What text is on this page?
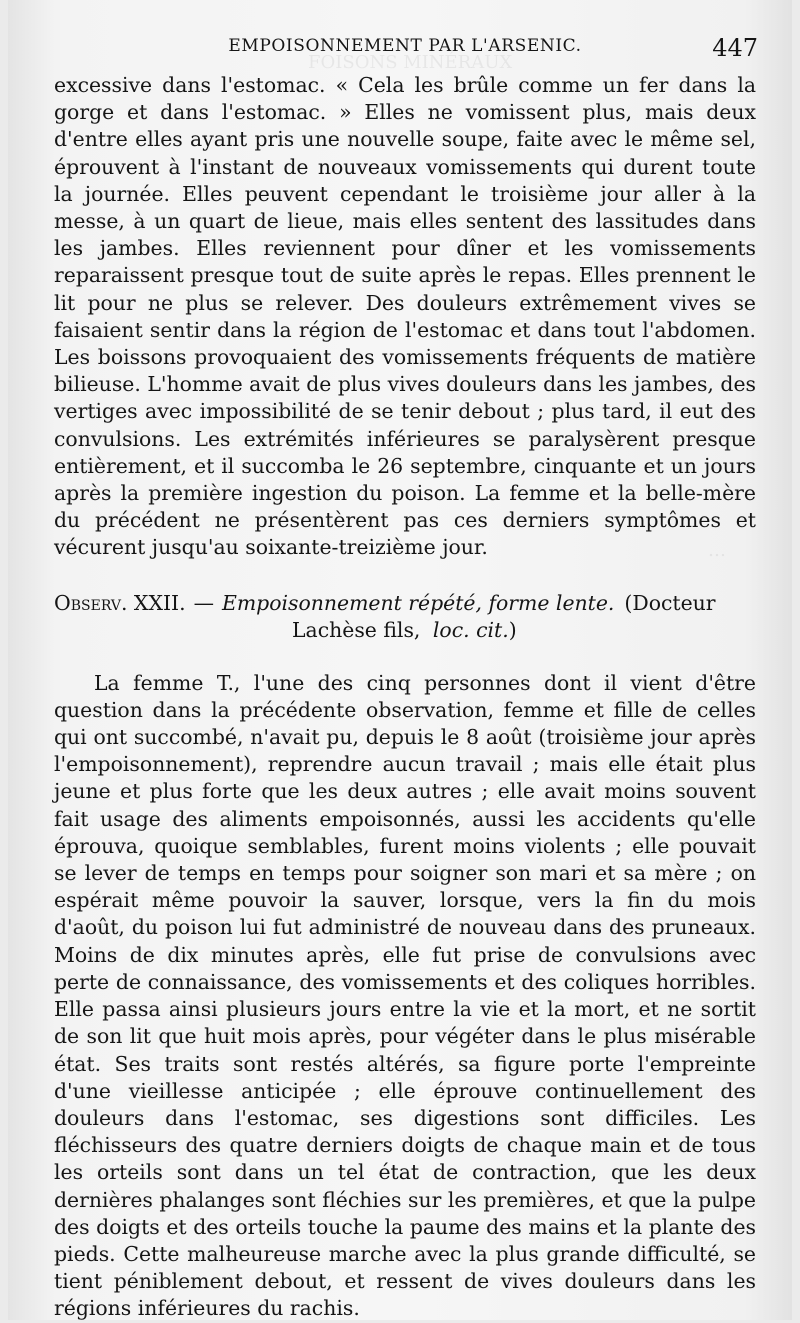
FOISONS MINÉRAUX
…
EMPOISONNEMENT PAR L'ARSENIC.	447

excessive dans l'estomac. « Cela les brûle comme un fer dans la gorge et dans l'estomac. » Elles ne vomissent plus, mais deux d'entre elles ayant pris une nouvelle soupe, faite avec le même sel, éprouvent à l'instant de nouveaux vomissements qui durent toute la journée. Elles peuvent cependant le troisième jour aller à la messe, à un quart de lieue, mais elles sentent des lassitudes dans les jambes. Elles reviennent pour dîner et les vomissements reparaissent presque tout de suite après le repas. Elles prennent le lit pour ne plus se relever. Des douleurs extrêmement vives se faisaient sentir dans la région de l'estomac et dans tout l'abdomen. Les boissons provoquaient des vomissements fréquents de matière bilieuse. L'homme avait de plus vives douleurs dans les jambes, des vertiges avec impossibilité de se tenir debout ; plus tard, il eut des convulsions. Les extrémités inférieures se paralysèrent presque entièrement, et il succomba le 26 septembre, cinquante et un jours après la première ingestion du poison. La femme et la belle-mère du précédent ne présentèrent pas ces derniers symptômes et vécurent jusqu'au soixante-treizième jour.

Observ. XXII. — Empoisonnement répété, forme lente. (Docteur
Lachèse fils, loc. cit.)

La femme T., l'une des cinq personnes dont il vient d'être question dans la précédente observation, femme et fille de celles qui ont succombé, n'avait pu, depuis le 8 août (troisième jour après l'empoisonnement), reprendre aucun travail ; mais elle était plus jeune et plus forte que les deux autres ; elle avait moins souvent fait usage des aliments empoisonnés, aussi les accidents qu'elle éprouva, quoique semblables, furent moins violents ; elle pouvait se lever de temps en temps pour soigner son mari et sa mère ; on espérait même pouvoir la sauver, lorsque, vers la fin du mois d'août, du poison lui fut administré de nouveau dans des pruneaux. Moins de dix minutes après, elle fut prise de convulsions avec perte de connaissance, des vomissements et des coliques horribles. Elle passa ainsi plusieurs jours entre la vie et la mort, et ne sortit de son lit que huit mois après, pour végéter dans le plus misérable état. Ses traits sont restés altérés, sa figure porte l'empreinte d'une vieillesse anticipée ; elle éprouve continuellement des douleurs dans l'estomac, ses digestions sont difficiles. Les fléchisseurs des quatre derniers doigts de chaque main et de tous les orteils sont dans un tel état de contraction, que les deux dernières phalanges sont fléchies sur les premières, et que la pulpe des doigts et des orteils touche la paume des mains et la plante des pieds. Cette malheureuse marche avec la plus grande difficulté, se tient péniblement debout, et ressent de vives douleurs dans les régions inférieures du rachis.
